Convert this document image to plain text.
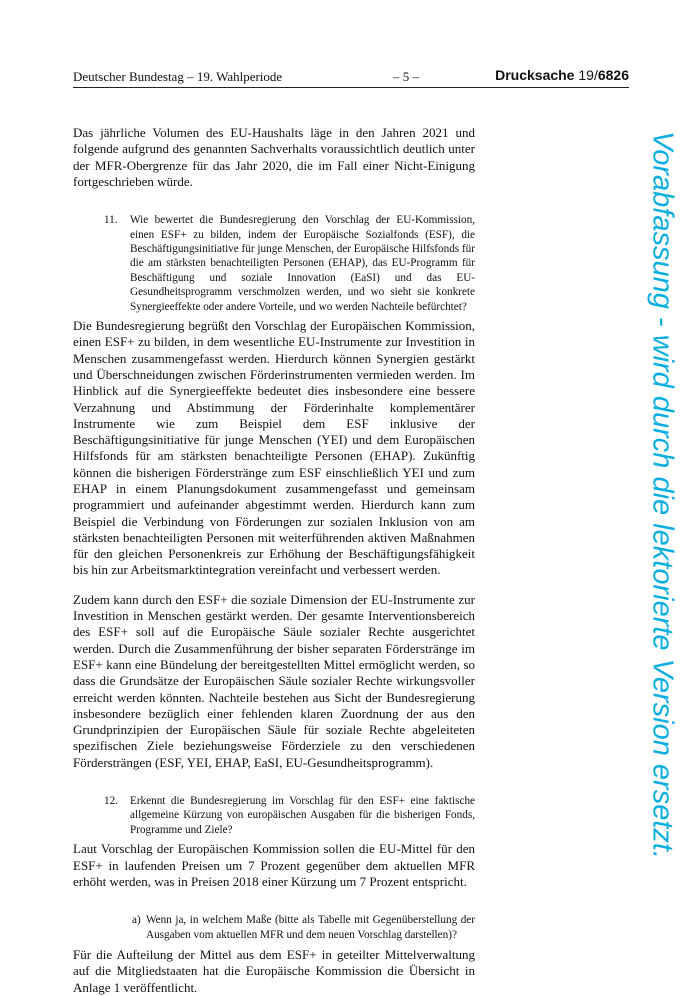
Deutscher Bundestag – 19. Wahlperiode	– 5 –	Drucksache 19/6826

Das jährliche Volumen des EU-Haushalts läge in den Jahren 2021 und folgende aufgrund des genannten Sachverhalts voraussichtlich deutlich unter der MFR-Obergrenze für das Jahr 2020, die im Fall einer Nicht-Einigung fortgeschrieben würde.

11.	Wie bewertet die Bundesregierung den Vorschlag der EU-Kommission, einen ESF+ zu bilden, indem der Europäische Sozialfonds (ESF), die Beschäftigungsinitiative für junge Menschen, der Europäische Hilfsfonds für die am stärksten benachteiligten Personen (EHAP), das EU-Programm für Beschäftigung und soziale Innovation (EaSI) und das EU-Gesundheitsprogramm verschmolzen werden, und wo sieht sie konkrete Synergieeffekte oder andere Vorteile, und wo werden Nachteile befürchtet?

Die Bundesregierung begrüßt den Vorschlag der Europäischen Kommission, einen ESF+ zu bilden, in dem wesentliche EU-Instrumente zur Investition in Menschen zusammengefasst werden. Hierdurch können Synergien gestärkt und Überschneidungen zwischen Förderinstrumenten vermieden werden. Im Hinblick auf die Synergieeffekte bedeutet dies insbesondere eine bessere Verzahnung und Abstimmung der Förderinhalte komplementärer Instrumente wie zum Beispiel dem ESF inklusive der Beschäftigungsinitiative für junge Menschen (YEI) und dem Europäischen Hilfsfonds für am stärksten benachteiligte Personen (EHAP). Zukünftig können die bisherigen Förderstränge zum ESF einschließlich YEI und zum EHAP in einem Planungsdokument zusammengefasst und gemeinsam programmiert und aufeinander abgestimmt werden. Hierdurch kann zum Beispiel die Verbindung von Förderungen zur sozialen Inklusion von am stärksten benachteiligten Personen mit weiterführenden aktiven Maßnahmen für den gleichen Personenkreis zur Erhöhung der Beschäftigungsfähigkeit bis hin zur Arbeitsmarktintegration vereinfacht und verbessert werden.

Zudem kann durch den ESF+ die soziale Dimension der EU-Instrumente zur Investition in Menschen gestärkt werden. Der gesamte Interventionsbereich des ESF+ soll auf die Europäische Säule sozialer Rechte ausgerichtet werden. Durch die Zusammenführung der bisher separaten Förderstränge im ESF+ kann eine Bündelung der bereitgestellten Mittel ermöglicht werden, so dass die Grundsätze der Europäischen Säule sozialer Rechte wirkungsvoller erreicht werden könnten. Nachteile bestehen aus Sicht der Bundesregierung insbesondere bezüglich einer fehlenden klaren Zuordnung der aus den Grundprinzipien der Europäischen Säule für soziale Rechte abgeleiteten spezifischen Ziele beziehungsweise Förderziele zu den verschiedenen Fördersträngen (ESF, YEI, EHAP, EaSI, EU-Gesundheitsprogramm).

12.	Erkennt die Bundesregierung im Vorschlag für den ESF+ eine faktische allgemeine Kürzung von europäischen Ausgaben für die bisherigen Fonds, Programme und Ziele?

Laut Vorschlag der Europäischen Kommission sollen die EU-Mittel für den ESF+ in laufenden Preisen um 7 Prozent gegenüber dem aktuellen MFR erhöht werden, was in Preisen 2018 einer Kürzung um 7 Prozent entspricht.

a) Wenn ja, in welchem Maße (bitte als Tabelle mit Gegenüberstellung der Ausgaben vom aktuellen MFR und dem neuen Vorschlag darstellen)?

Für die Aufteilung der Mittel aus dem ESF+ in geteilter Mittelverwaltung auf die Mitgliedstaaten hat die Europäische Kommission die Übersicht in Anlage 1 veröffentlicht.

Vorabfassung - wird durch die lektorierte Version ersetzt.
